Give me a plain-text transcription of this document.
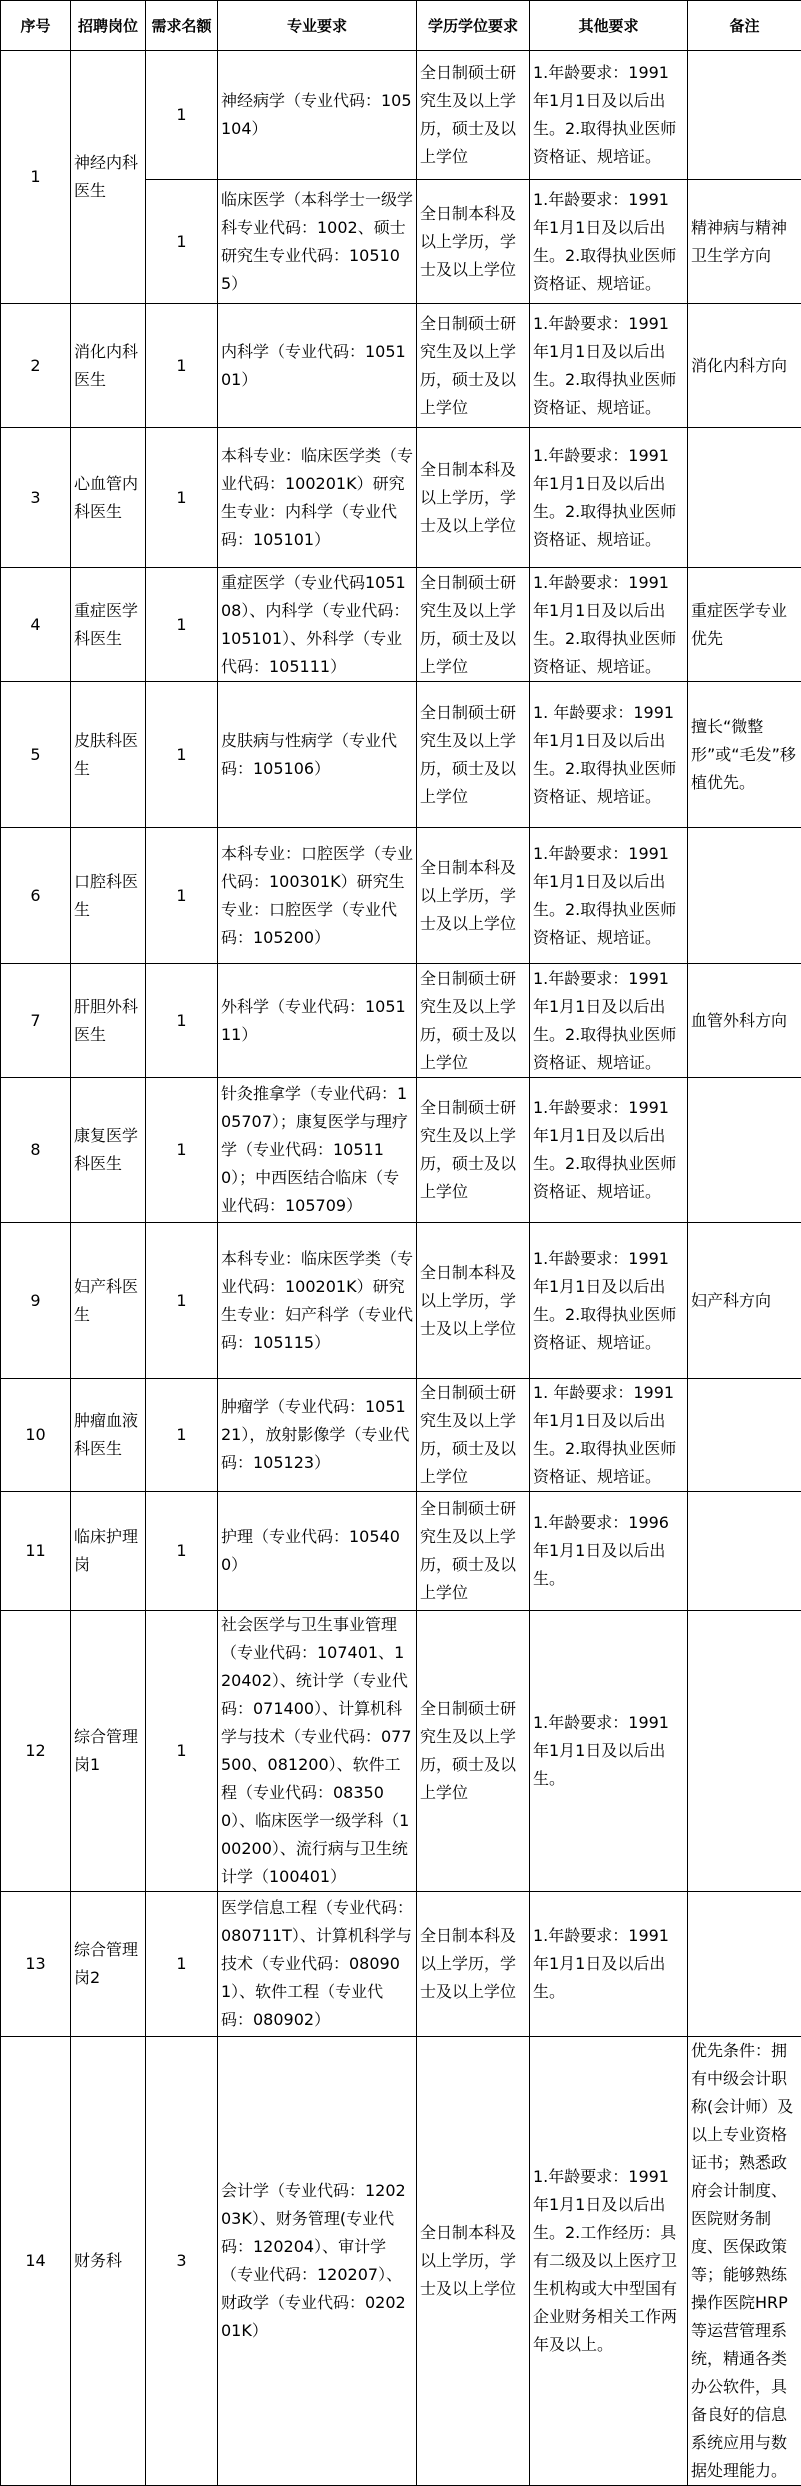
序号	招聘岗位	需求名额	专业要求	学历学位要求	其他要求	备注
1	神经内科医生	1	神经病学（专业代码：105104）	全日制硕士研究生及以上学历，硕士及以上学位	1.年龄要求：1991年1月1日及以后出生。2.取得执业医师资格证、规培证。	
		1	临床医学（本科学士一级学科专业代码：1002、硕士研究生专业代码：105105）	全日制本科及以上学历，学士及以上学位	1.年龄要求：1991年1月1日及以后出生。2.取得执业医师资格证、规培证。	精神病与精神卫生学方向
2	消化内科医生	1	内科学（专业代码：105101）	全日制硕士研究生及以上学历，硕士及以上学位	1.年龄要求：1991年1月1日及以后出生。2.取得执业医师资格证、规培证。	消化内科方向
3	心血管内科医生	1	本科专业：临床医学类（专业代码：100201K）研究生专业：内科学（专业代码：105101）	全日制本科及以上学历，学士及以上学位	1.年龄要求：1991年1月1日及以后出生。2.取得执业医师资格证、规培证。	
4	重症医学科医生	1	重症医学（专业代码105108）、内科学（专业代码：105101）、外科学（专业代码：105111）	全日制硕士研究生及以上学历，硕士及以上学位	1.年龄要求：1991年1月1日及以后出生。2.取得执业医师资格证、规培证。	重症医学专业优先
5	皮肤科医生	1	皮肤病与性病学（专业代码：105106）	全日制硕士研究生及以上学历，硕士及以上学位	1. 年龄要求：1991年1月1日及以后出生。2.取得执业医师资格证、规培证。	擅长“微整形”或“毛发”移植优先。
6	口腔科医生	1	本科专业：口腔医学（专业代码：100301K）研究生专业：口腔医学（专业代码：105200）	全日制本科及以上学历，学士及以上学位	1.年龄要求：1991年1月1日及以后出生。2.取得执业医师资格证、规培证。	
7	肝胆外科医生	1	外科学（专业代码：105111）	全日制硕士研究生及以上学历，硕士及以上学位	1.年龄要求：1991年1月1日及以后出生。2.取得执业医师资格证、规培证。	血管外科方向
8	康复医学科医生	1	针灸推拿学（专业代码：105707）；康复医学与理疗学（专业代码：105110）；中西医结合临床（专业代码：105709）	全日制硕士研究生及以上学历，硕士及以上学位	1.年龄要求：1991年1月1日及以后出生。2.取得执业医师资格证、规培证。	
9	妇产科医生	1	本科专业：临床医学类（专业代码：100201K）研究生专业：妇产科学（专业代码：105115）	全日制本科及以上学历，学士及以上学位	1.年龄要求：1991年1月1日及以后出生。2.取得执业医师资格证、规培证。	妇产科方向
10	肿瘤血液科医生	1	肿瘤学（专业代码：105121），放射影像学（专业代码：105123）	全日制硕士研究生及以上学历，硕士及以上学位	1. 年龄要求：1991年1月1日及以后出生。2.取得执业医师资格证、规培证。	
11	临床护理岗	1	护理（专业代码：105400）	全日制硕士研究生及以上学历，硕士及以上学位	1.年龄要求：1996年1月1日及以后出生。	
12	综合管理岗1	1	社会医学与卫生事业管理（专业代码：107401、120402）、统计学（专业代码：071400）、计算机科学与技术（专业代码：077500、081200）、软件工程（专业代码：083500）、临床医学一级学科（100200）、流行病与卫生统计学（100401）	全日制硕士研究生及以上学历，硕士及以上学位	1.年龄要求：1991年1月1日及以后出生。	
13	综合管理岗2	1	医学信息工程（专业代码：080711T）、计算机科学与技术（专业代码：080901）、软件工程（专业代码：080902）	全日制本科及以上学历，学士及以上学位	1.年龄要求：1991年1月1日及以后出生。	
14	财务科	3	会计学（专业代码：120203K）、财务管理(专业代码：120204）、审计学（专业代码：120207）、财政学（专业代码：020201K）	全日制本科及以上学历，学士及以上学位	1.年龄要求：1991年1月1日及以后出生。2.工作经历：具有二级及以上医疗卫生机构或大中型国有企业财务相关工作两年及以上。	优先条件：拥有中级会计职称(会计师）及以上专业资格证书；熟悉政府会计制度、医院财务制度、医保政策等；能够熟练操作医院HRP等运营管理系统，精通各类办公软件，具备良好的信息系统应用与数据处理能力。
